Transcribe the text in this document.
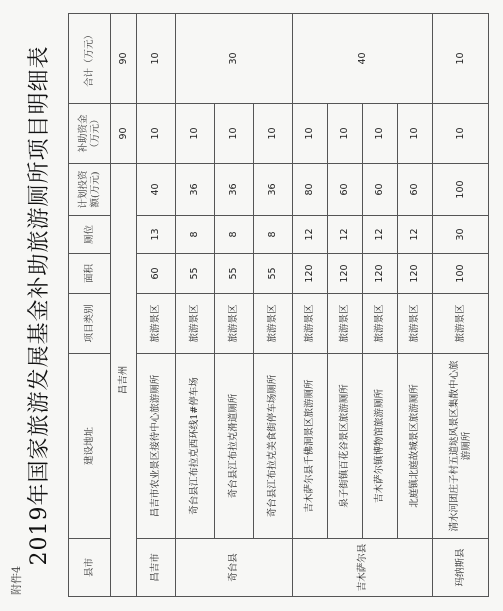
附件4
2019年国家旅游发展基金补助旅游厕所项目明细表
县市	建设地址	项目类别	面积	厕位	计划投资额(万元)	补助资金（万元）	合计（万元）
昌吉州						90	90
昌吉市	昌吉市农业景区接待中心旅游厕所	旅游景区	60	13	40	10	10
奇台县	奇台县江布拉克西环线1#停车场	旅游景区	55	8	36	10	30
	奇台县江布拉克滑道厕所	旅游景区	55	8	36	10	
	奇台县江布拉克美食街停车场厕所	旅游景区	55	8	36	10	
吉木萨尔县	吉木萨尔县千佛洞景区旅游厕所	旅游景区	120	12	80	10	40
	泉子街镇百花谷景区旅游厕所	旅游景区	120	12	60	10	
	吉木萨尔镇博物馆旅游厕所	旅游景区	120	12	60	10	
	北庭镇北庭故城景区旅游厕所	旅游景区	120	12	60	10	
玛纳斯县	清水河团庄子村五道垯风景区集散中心旅游厕所	旅游景区	100	30	100	10	10
